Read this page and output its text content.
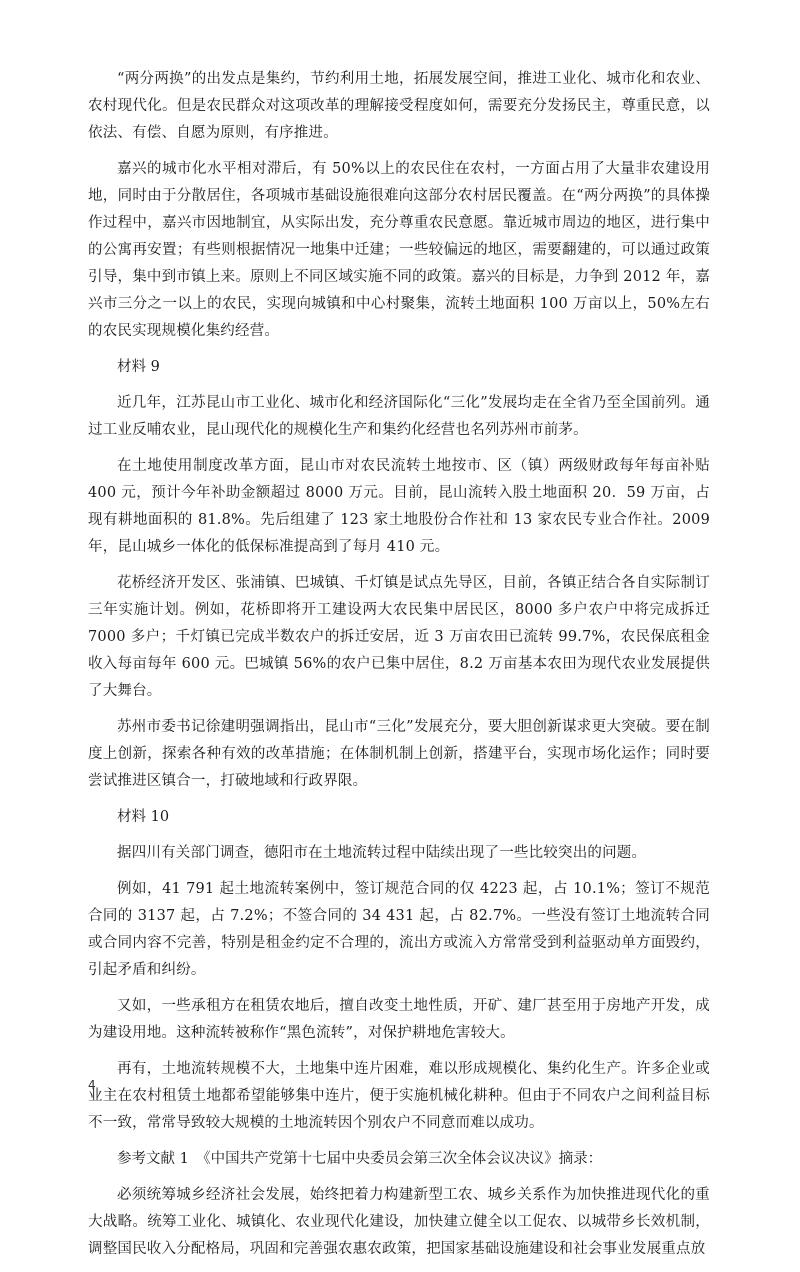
“两分两换”的出发点是集约，节约利用土地，拓展发展空间，推进工业化、城市化和农业、农村现代化。但是农民群众对这项改革的理解接受程度如何，需要充分发扬民主，尊重民意，以依法、有偿、自愿为原则，有序推进。

嘉兴的城市化水平相对滞后，有 50%以上的农民住在农村，一方面占用了大量非农建设用地，同时由于分散居住，各项城市基础设施很难向这部分农村居民覆盖。在“两分两换”的具体操作过程中，嘉兴市因地制宜，从实际出发，充分尊重农民意愿。靠近城市周边的地区，进行集中的公寓再安置；有些则根据情况一地集中迁建；一些较偏远的地区，需要翻建的，可以通过政策引导，集中到市镇上来。原则上不同区域实施不同的政策。嘉兴的目标是，力争到 2012 年，嘉兴市三分之一以上的农民，实现向城镇和中心村聚集，流转土地面积 100 万亩以上，50%左右的农民实现规模化集约经营。

材料 9

近几年，江苏昆山市工业化、城市化和经济国际化“三化”发展均走在全省乃至全国前列。通过工业反哺农业，昆山现代化的规模化生产和集约化经营也名列苏州市前茅。

在土地使用制度改革方面，昆山市对农民流转土地按市、区（镇）两级财政每年每亩补贴 400 元，预计今年补助金额超过 8000 万元。目前，昆山流转入股土地面积 20．59 万亩，占现有耕地面积的 81.8%。先后组建了 123 家土地股份合作社和 13 家农民专业合作社。2009 年，昆山城乡一体化的低保标准提高到了每月 410 元。

花桥经济开发区、张浦镇、巴城镇、千灯镇是试点先导区，目前，各镇正结合各自实际制订三年实施计划。例如，花桥即将开工建设两大农民集中居民区，8000 多户农户中将完成拆迁 7000 多户；千灯镇已完成半数农户的拆迁安居，近 3 万亩农田已流转 99.7%，农民保底租金收入每亩每年 600 元。巴城镇 56%的农户已集中居住，8.2 万亩基本农田为现代农业发展提供了大舞台。

苏州市委书记徐建明强调指出，昆山市“三化”发展充分，要大胆创新谋求更大突破。要在制度上创新，探索各种有效的改革措施；在体制机制上创新，搭建平台，实现市场化运作；同时要尝试推进区镇合一，打破地域和行政界限。

材料 10

据四川有关部门调查，德阳市在土地流转过程中陆续出现了一些比较突出的问题。

例如，41 791 起土地流转案例中，签订规范合同的仅 4223 起，占 10.1%；签订不规范合同的 3137 起，占 7.2%；不签合同的 34 431 起，占 82.7%。一些没有签订土地流转合同或合同内容不完善，特别是租金约定不合理的，流出方或流入方常常受到利益驱动单方面毁约，引起矛盾和纠纷。

又如，一些承租方在租赁农地后，擅自改变土地性质，开矿、建厂甚至用于房地产开发，成为建设用地。这种流转被称作“黑色流转”，对保护耕地危害较大。

再有，土地流转规模不大，土地集中连片困难，难以形成规模化、集约化生产。许多企业或业主在农村租赁土地都希望能够集中连片，便于实施机械化耕种。但由于不同农户之间利益目标不一致，常常导致较大规模的土地流转因个别农户不同意而难以成功。

参考文献 1　《中国共产党第十七届中央委员会第三次全体会议决议》摘录：

必须统筹城乡经济社会发展，始终把着力构建新型工农、城乡关系作为加快推进现代化的重大战略。统筹工业化、城镇化、农业现代化建设，加快建立健全以工促农、以城带乡长效机制，调整国民收入分配格局，巩固和完善强农惠农政策，把国家基础设施建设和社会事业发展重点放

4
